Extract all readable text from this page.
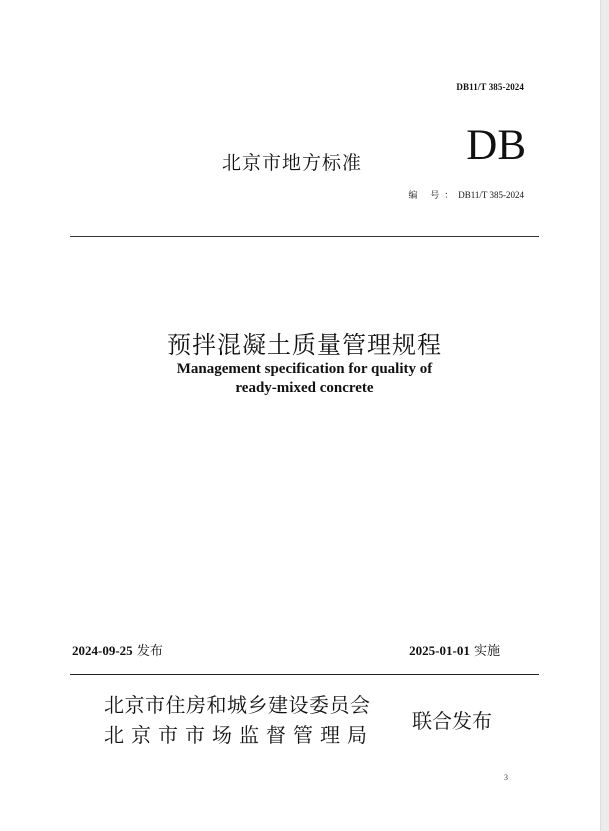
DB11/T 385-2024
北京市地方标准 DB
编 号：DB11/T 385-2024
预拌混凝土质量管理规程
Management specification for quality of
ready-mixed concrete
2024-09-25 发布	2025-01-01 实施
北京市住房和城乡建设委员会
北京市市场监督管理局
联合发布
3
